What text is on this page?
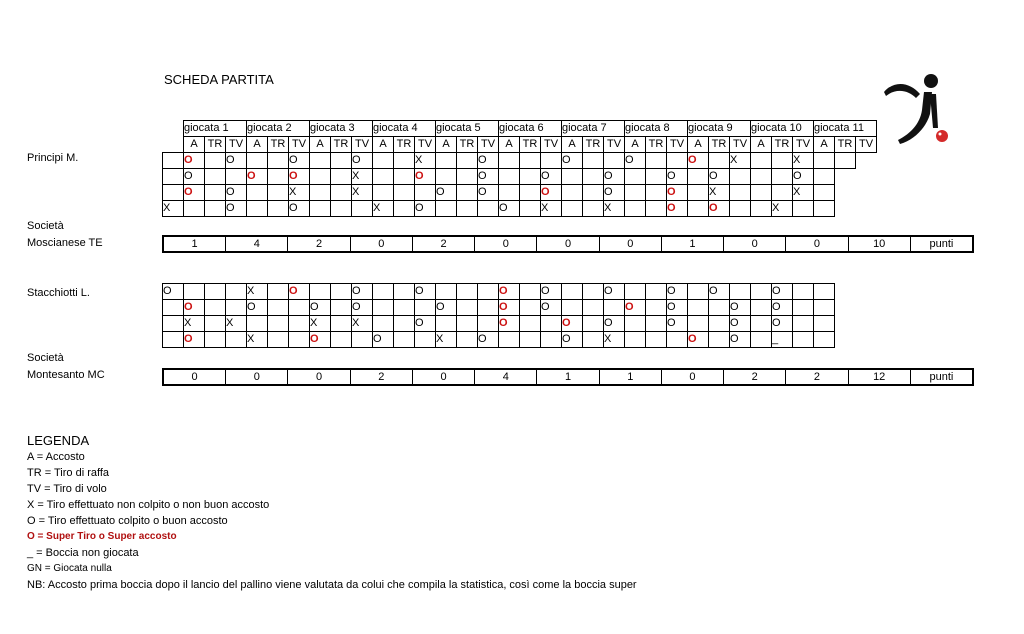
SCHEDA PARTITA
	giocata 1			giocata 2			giocata 3			giocata 4			giocata 5			giocata 6			giocata 7			giocata 8			giocata 9			giocata 10			giocata 11		
	A	TR	TV	A	TR	TV	A	TR	TV	A	TR	TV	A	TR	TV	A	TR	TV	A	TR	TV	A	TR	TV	A	TR	TV	A	TR	TV	A	TR	TV
	O		O			O			O			X			O				O			O			O		X			X			
	O			O		O			X			O			O			O			O			O		O				O			
	O		O			X			X				O		O			O			O			O		X				X			
X			O			O				X		O				O		X			X			O		O			X				
Principi M.
Società
Moscianese TE	1	4	2	0	2	0	0	0	1	0	0	10	punti
O				X		O			O			O				O		O			O			O		O			O		
	O			O			O		O				O			O		O				O		O			O		O		
	X		X				X		X			O				O			O		O			O			O		O		
	O			X			O			O			X		O				O		X				O		O		_		
Stacchiotti L.
Società
Montesanto MC	0	0	0	2	0	4	1	1	0	2	2	12	punti
LEGENDA
A = Accosto
TR = Tiro di raffa
TV = Tiro di volo
X = Tiro effettuato non colpito o non buon accosto
O = Tiro effettuato colpito o buon accosto
O = Super Tiro o Super accosto
_ = Boccia non giocata
GN = Giocata nulla
NB: Accosto prima boccia dopo il lancio del pallino viene valutata da colui che compila la statistica, così come la boccia super
